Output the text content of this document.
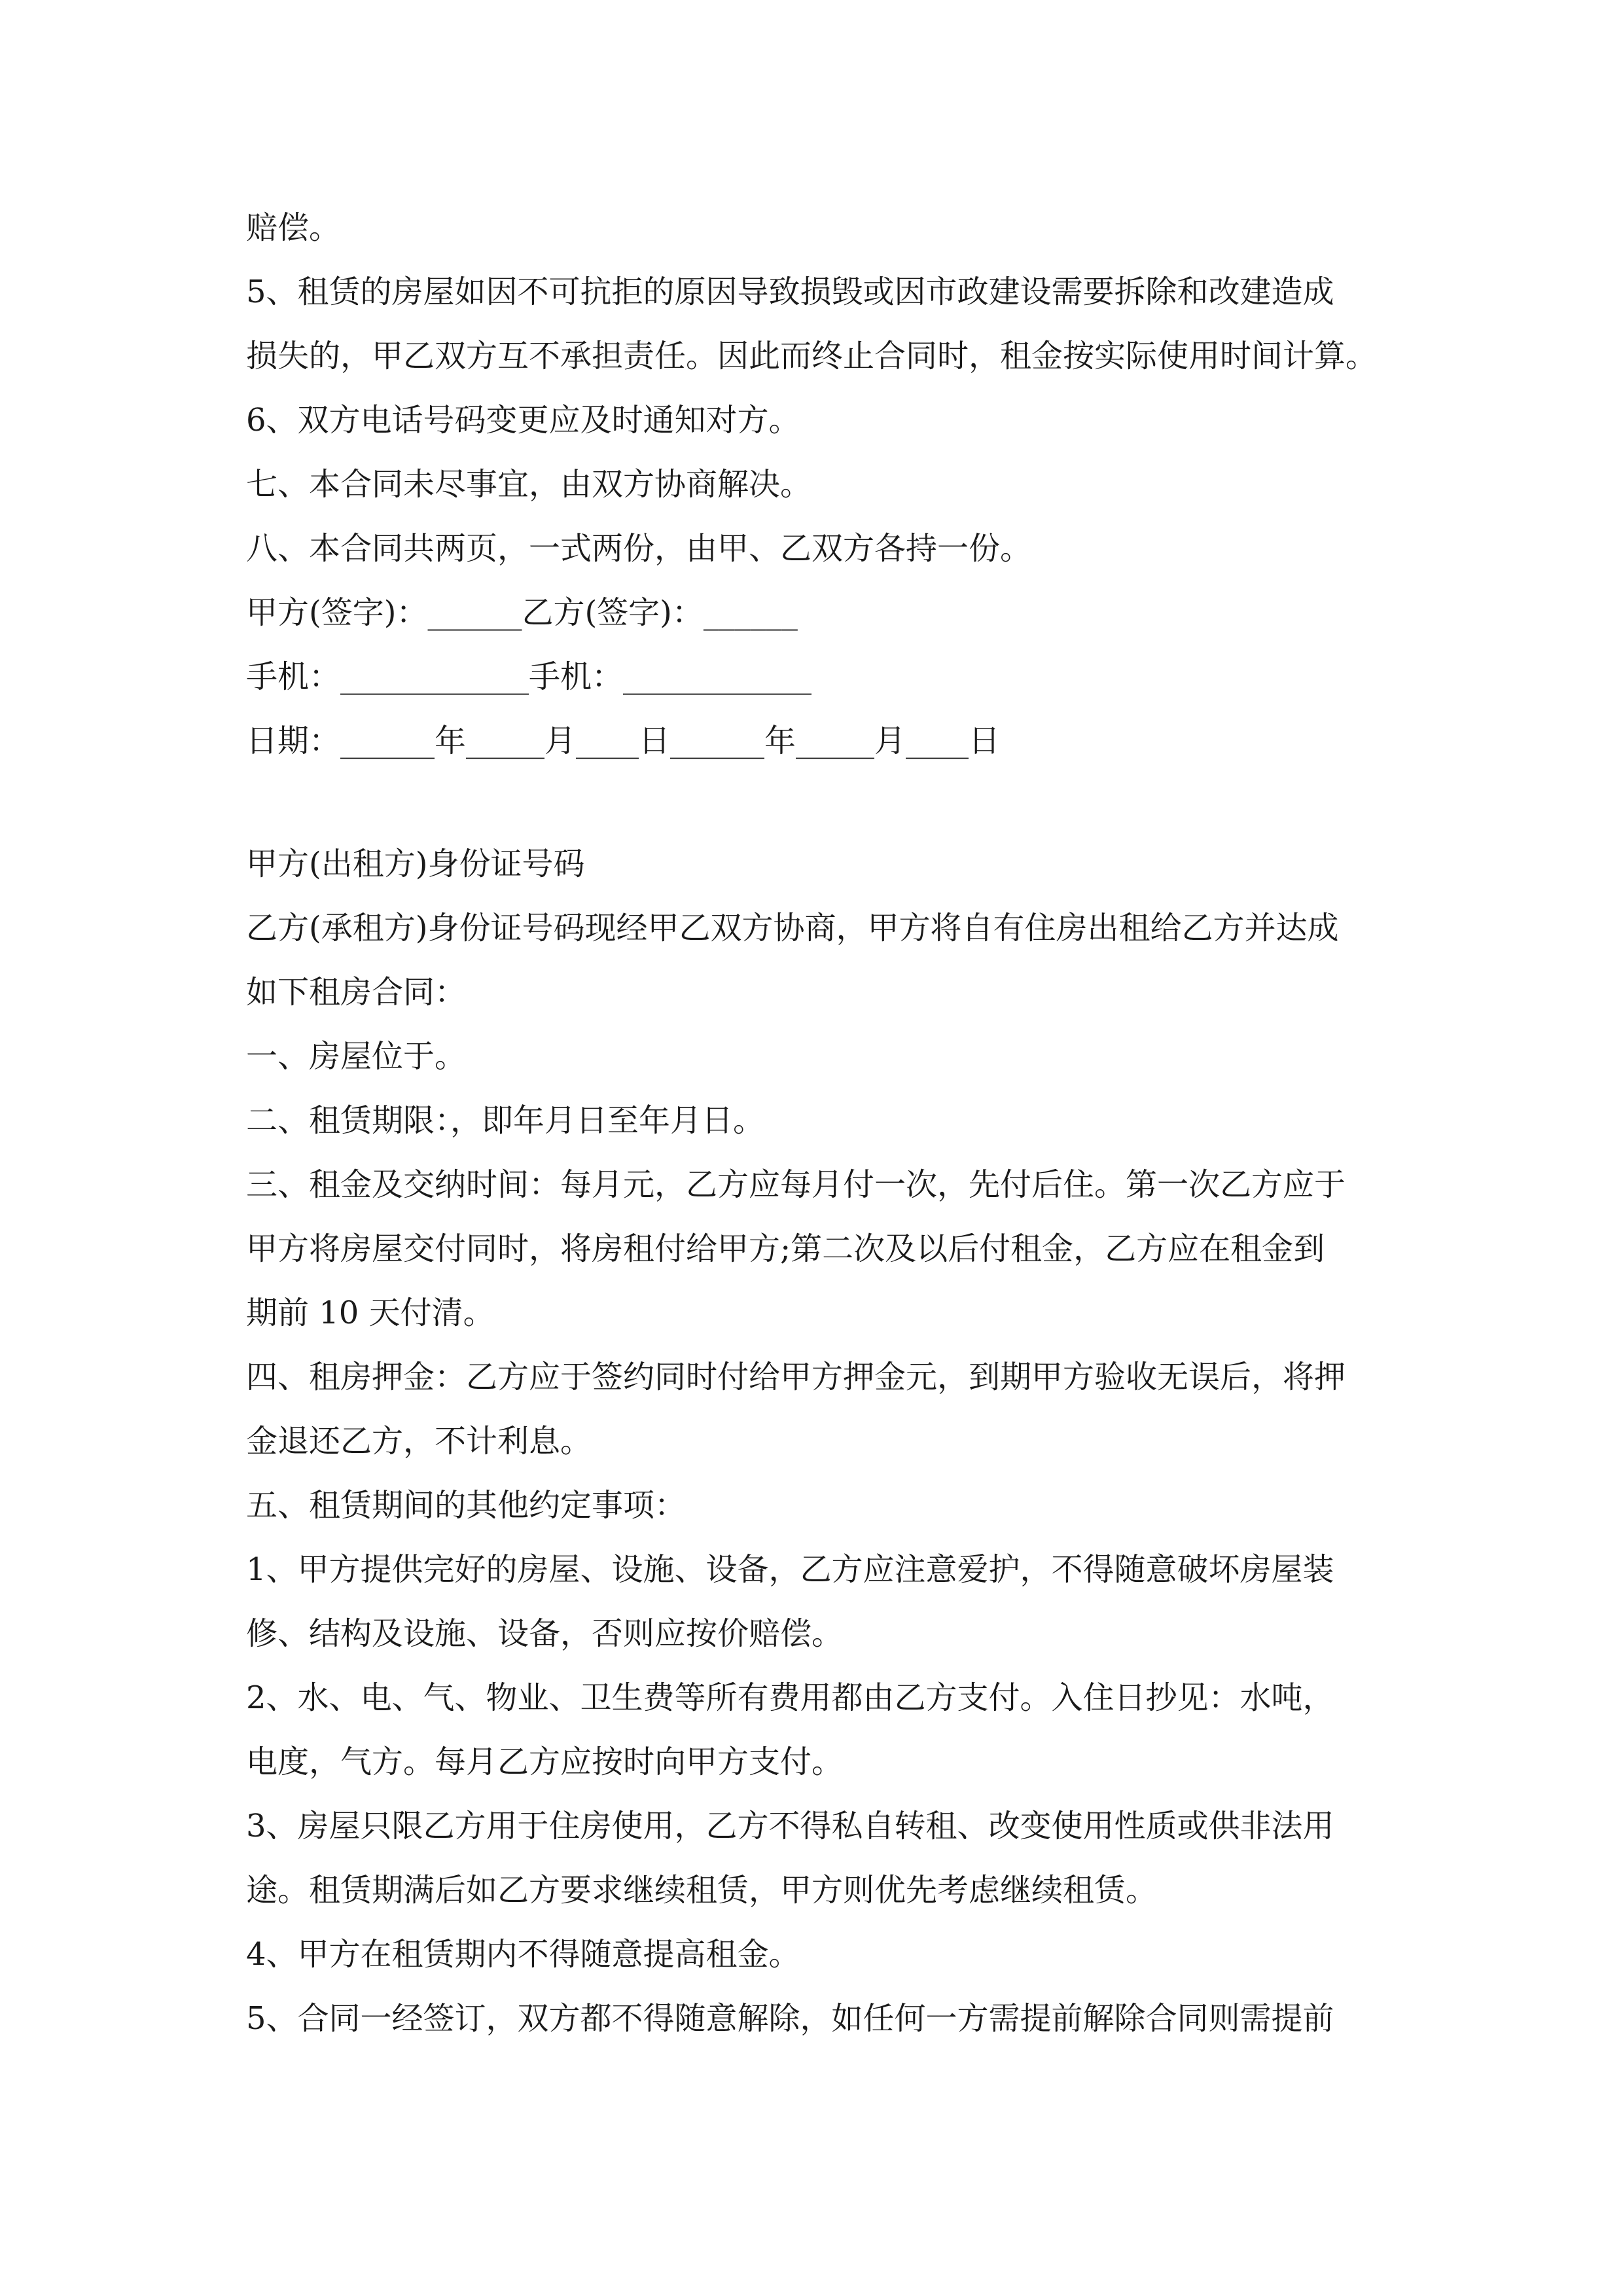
赔偿。
5、租赁的房屋如因不可抗拒的原因导致损毁或因市政建设需要拆除和改建造成
损失的，甲乙双方互不承担责任。因此而终止合同时，租金按实际使用时间计算。
6、双方电话号码变更应及时通知对方。
七、本合同未尽事宜，由双方协商解决。
八、本合同共两页，一式两份，由甲、乙双方各持一份。
甲方(签字)：______乙方(签字)：______
手机：____________手机：____________
日期：______年_____月____日______年_____月____日
甲方(出租方)身份证号码
乙方(承租方)身份证号码现经甲乙双方协商，甲方将自有住房出租给乙方并达成
如下租房合同：
一、房屋位于。
二、租赁期限：，即年月日至年月日。
三、租金及交纳时间：每月元，乙方应每月付一次，先付后住。第一次乙方应于
甲方将房屋交付同时，将房租付给甲方;第二次及以后付租金，乙方应在租金到
期前 10 天付清。
四、租房押金：乙方应于签约同时付给甲方押金元，到期甲方验收无误后，将押
金退还乙方，不计利息。
五、租赁期间的其他约定事项：
1、甲方提供完好的房屋、设施、设备，乙方应注意爱护，不得随意破坏房屋装
修、结构及设施、设备，否则应按价赔偿。
2、水、电、气、物业、卫生费等所有费用都由乙方支付。入住日抄见：水吨，
电度，气方。每月乙方应按时向甲方支付。
3、房屋只限乙方用于住房使用，乙方不得私自转租、改变使用性质或供非法用
途。租赁期满后如乙方要求继续租赁，甲方则优先考虑继续租赁。
4、甲方在租赁期内不得随意提高租金。
5、合同一经签订，双方都不得随意解除，如任何一方需提前解除合同则需提前
